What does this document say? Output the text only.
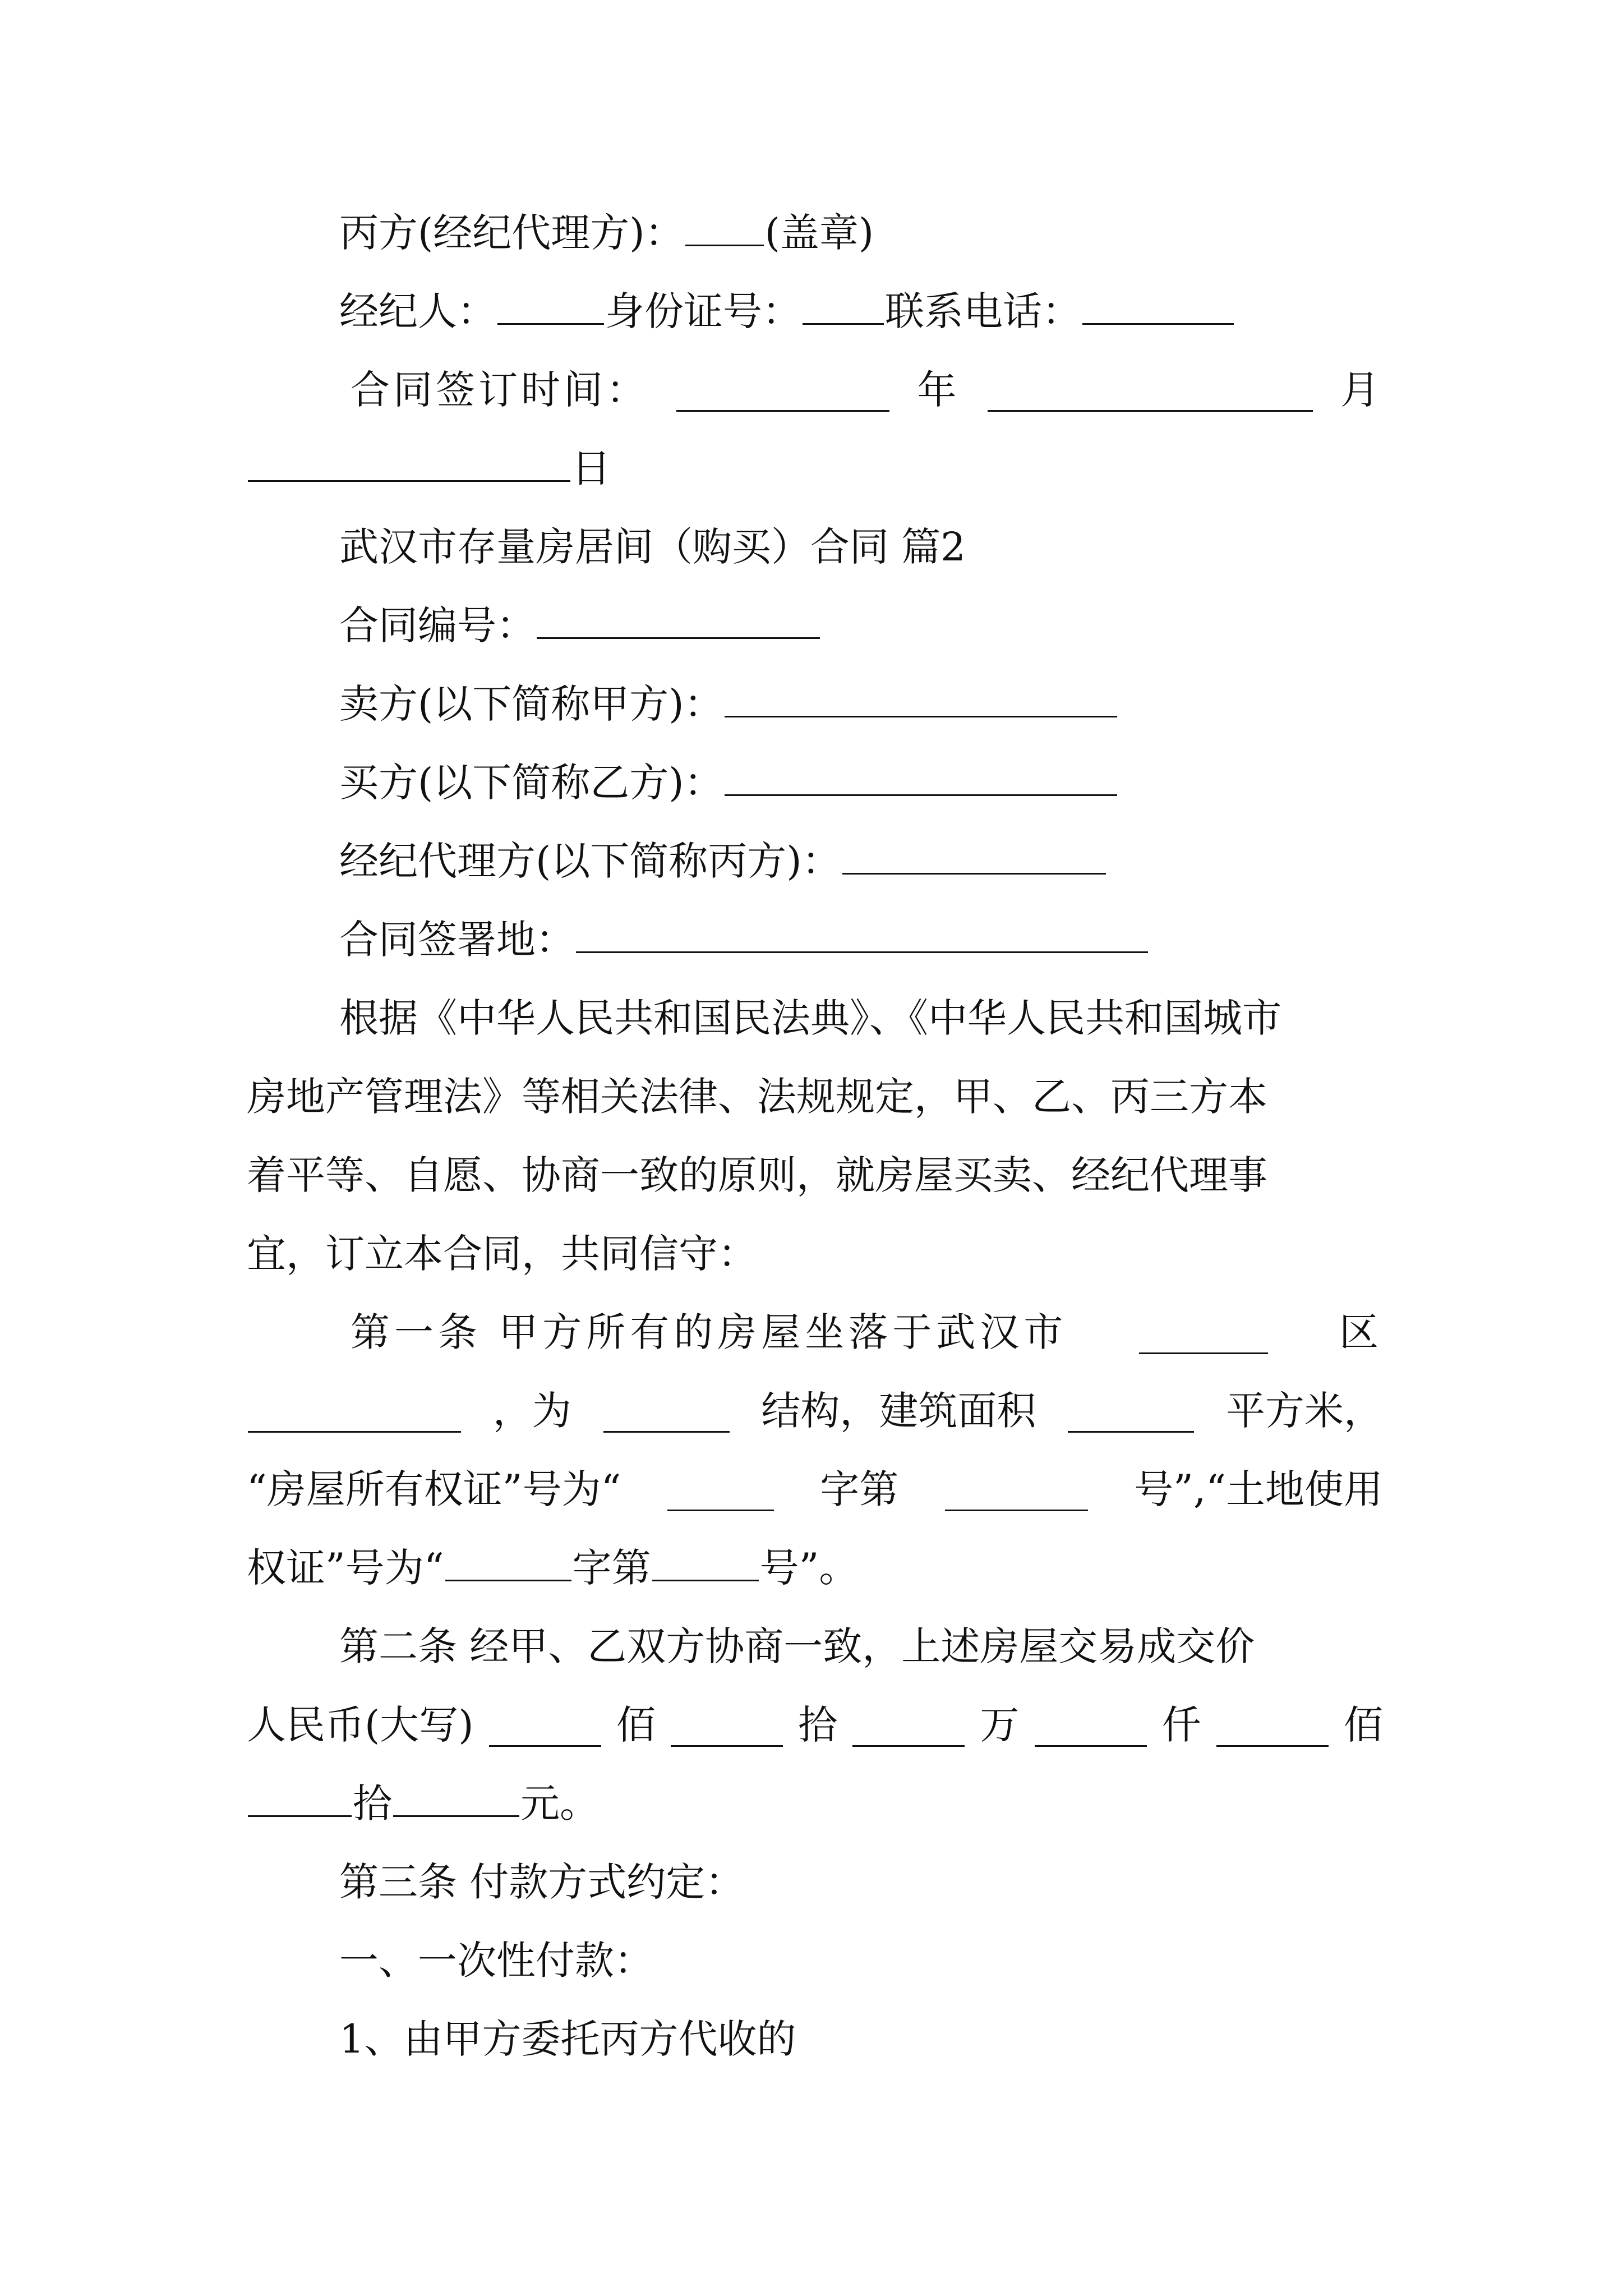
丙方(经纪代理方)： (盖章)
经纪人：	身份证号： 联系电话：
合同签订时间：	年	月
日
武汉市存量房居间（购买）合同 篇2
合同编号：
卖方(以下简称甲方)：
买方(以下简称乙方)：
经纪代理方(以下简称丙方)：
合同签署地：
根据《中华人民共和国民法典》、《中华人民共和国城市
房地产管理法》等相关法律、法规规定，甲、乙、丙三方本
着平等、自愿、协商一致的原则，就房屋买卖、经纪代理事
宜，订立本合同，共同信守：
第一条 甲方所有的房屋坐落于武汉市	区
，为	结构，建筑面积	平方米，
“房屋所有权证”号为“	字第	号”,“土地使用
权证”号为“	字第	号”。
第二条 经甲、乙双方协商一致，上述房屋交易成交价
人民币(大写)	佰	拾	万	仟	佰
拾	元。
第三条 付款方式约定：
一、一次性付款：
1、由甲方委托丙方代收的
